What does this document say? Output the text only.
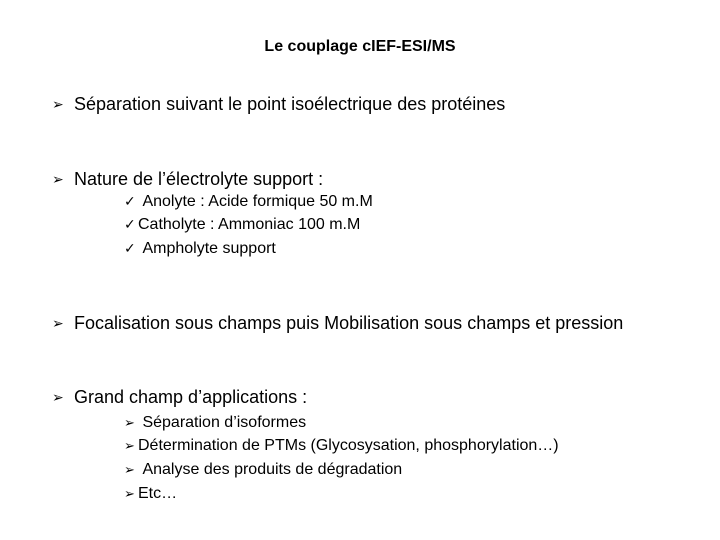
Le couplage cIEF-ESI/MS
➢ Séparation suivant le point isoélectrique des protéines
➢ Nature de l’électrolyte support :
✓ Anolyte : Acide formique 50 m.M
✓ Catholyte : Ammoniac 100 m.M
✓ Ampholyte support
➢ Focalisation sous champs puis Mobilisation sous champs et pression
➢ Grand champ d’applications :
➢ Séparation d’isoformes
➢ Détermination de PTMs (Glycosysation, phosphorylation…)
➢ Analyse des produits de dégradation
➢ Etc…
